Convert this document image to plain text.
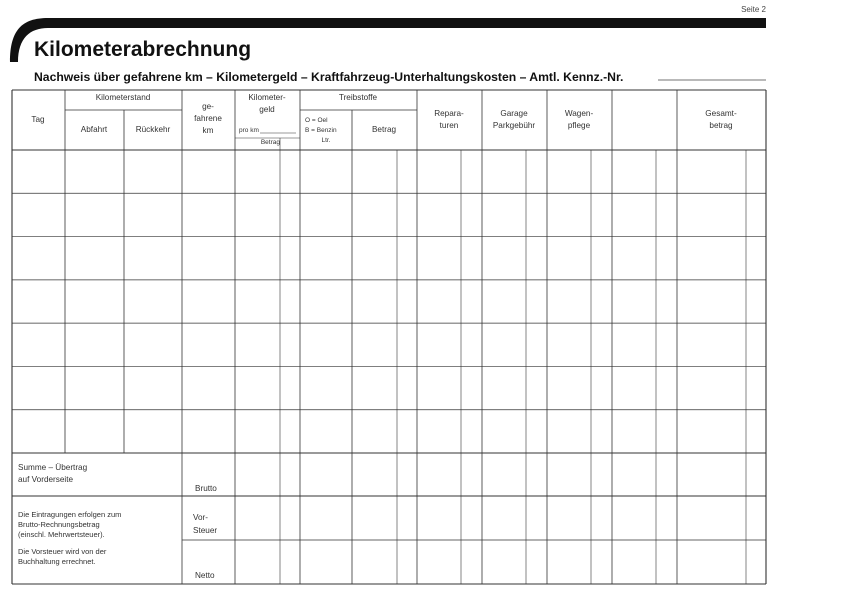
Seite 2
Kilometerabrechnung
Nachweis über gefahrene km – Kilometergeld – Kraftfahrzeug-Unterhaltungskosten – Amtl. Kennz.-Nr.
Tag
Kilometerstand
Abfahrt	Rückkehr
ge-
fahrene
km
Kilometer-
geld
pro km
Betrag
Treibstoffe
O = Oel
B = Benzin
Ltr.
Betrag
Repara-
turen
Garage
Parkgebühr
Wagen-
pflege
Gesamt-
betrag
Summe – Übertrag
auf Vorderseite
Brutto
Die Eintragungen erfolgen zum
Brutto-Rechnungsbetrag
(einschl. Mehrwertsteuer).
Die Vorsteuer wird von der
Buchhaltung errechnet.
Vor-
Steuer
Netto
